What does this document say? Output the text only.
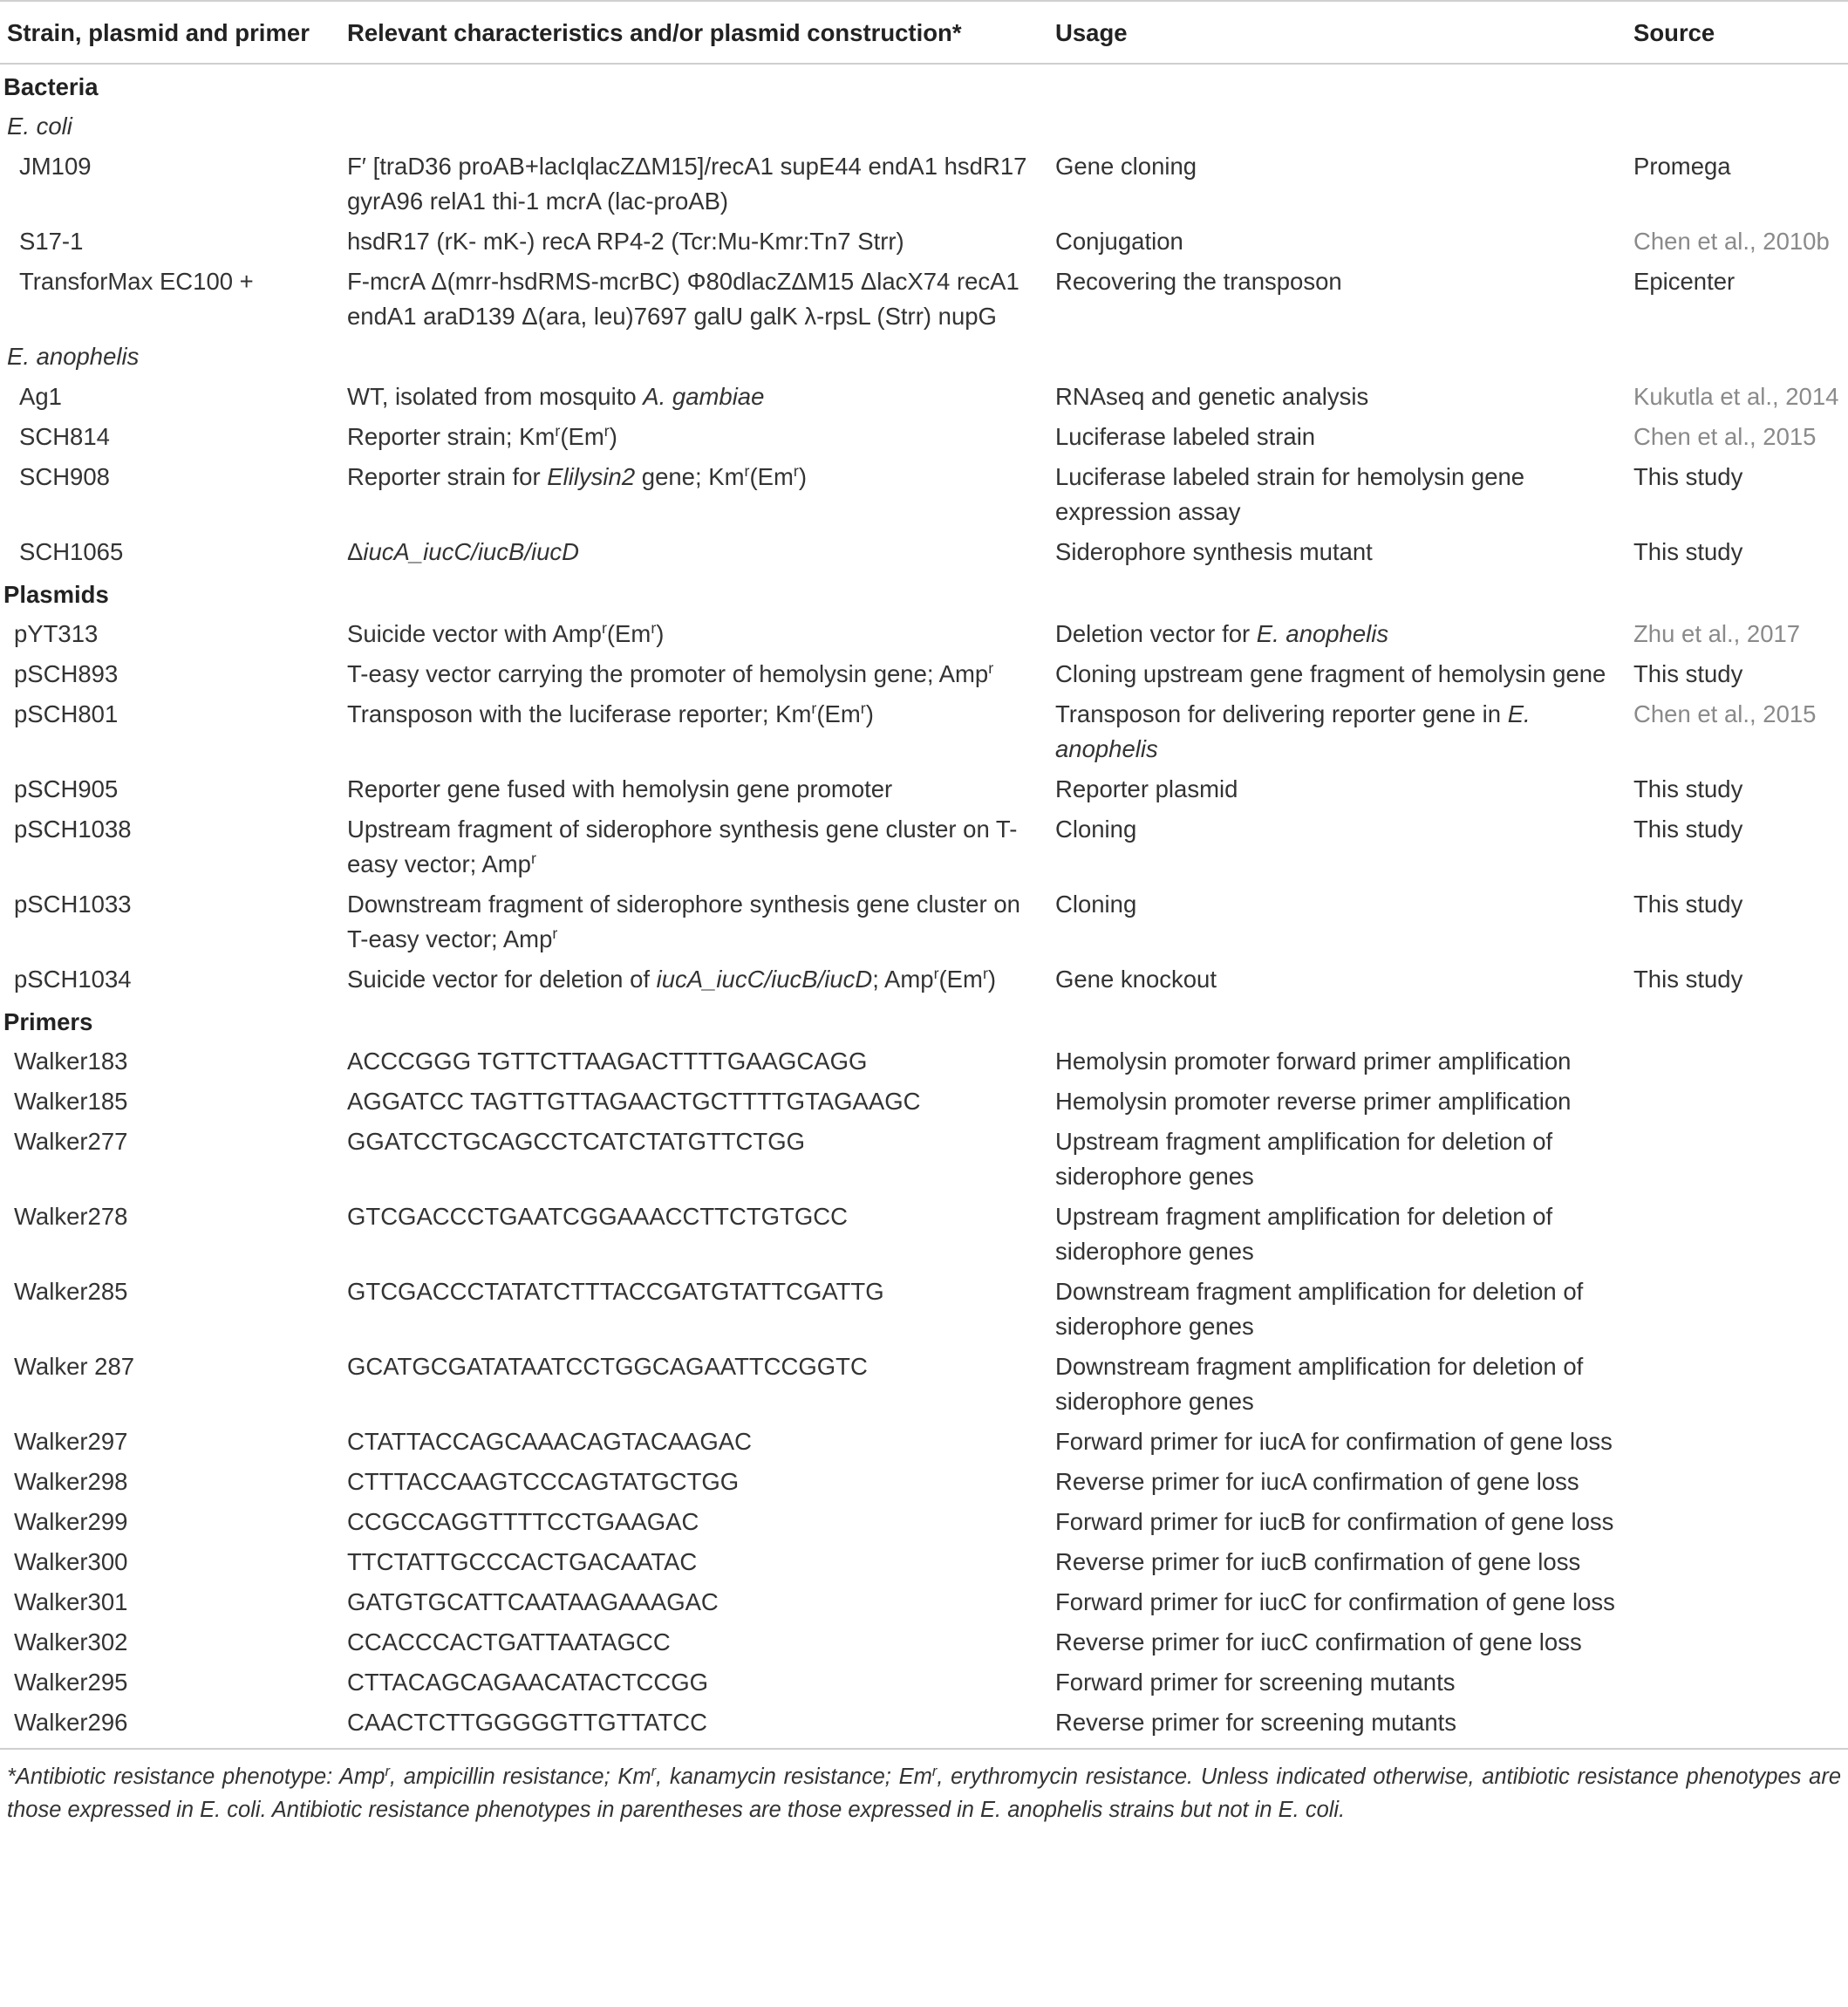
Strain, plasmid and primer	Relevant characteristics and/or plasmid construction*	Usage	Source
Bacteria			
E. coli			
JM109	F′ [traD36 proAB+lacIqlacZΔM15]/recA1 supE44 endA1 hsdR17 gyrA96 relA1 thi-1 mcrA (lac-proAB)	Gene cloning	Promega
S17-1	hsdR17 (rK- mK-) recA RP4-2 (Tcr:Mu-Kmr:Tn7 Strr)	Conjugation	Chen et al., 2010b
TransforMax EC100 +	F-mcrA Δ(mrr-hsdRMS-mcrBC) Φ80dlacZΔM15 ΔlacX74 recA1 endA1 araD139 Δ(ara, leu)7697 galU galK λ-rpsL (Strr) nupG	Recovering the transposon	Epicenter
E. anophelis			
Ag1	WT, isolated from mosquito A. gambiae	RNAseq and genetic analysis	Kukutla et al., 2014
SCH814	Reporter strain; Km$^r$(Em$^r$)	Luciferase labeled strain	Chen et al., 2015
SCH908	Reporter strain for Elilysin2 gene; Km$^r$(Em$^r$)	Luciferase labeled strain for hemolysin gene expression assay	This study
SCH1065	ΔiucA_iucC/iucB/iucD	Siderophore synthesis mutant	This study
Plasmids			
pYT313	Suicide vector with Amp$^r$(Em$^r$)	Deletion vector for E. anophelis	Zhu et al., 2017
pSCH893	T-easy vector carrying the promoter of hemolysin gene; Amp$^r$	Cloning upstream gene fragment of hemolysin gene	This study
pSCH801	Transposon with the luciferase reporter; Km$^r$(Em$^r$)	Transposon for delivering reporter gene in E. anophelis	Chen et al., 2015
pSCH905	Reporter gene fused with hemolysin gene promoter	Reporter plasmid	This study
pSCH1038	Upstream fragment of siderophore synthesis gene cluster on T-easy vector; Amp$^r$	Cloning	This study
pSCH1033	Downstream fragment of siderophore synthesis gene cluster on T-easy vector; Amp$^r$	Cloning	This study
pSCH1034	Suicide vector for deletion of iucA_iucC/iucB/iucD; Amp$^r$(Em$^r$)	Gene knockout	This study
Primers			
Walker183	ACCCGGG TGTTCTTAAGACTTTTGAAGCAGG	Hemolysin promoter forward primer amplification	
Walker185	AGGATCC TAGTTGTTAGAACTGCTTTTGTAGAAGC	Hemolysin promoter reverse primer amplification	
Walker277	GGATCCTGCAGCCTCATCTATGTTCTGG	Upstream fragment amplification for deletion of siderophore genes	
Walker278	GTCGACCCTGAATCGGAAACCTTCTGTGCC	Upstream fragment amplification for deletion of siderophore genes	
Walker285	GTCGACCCTATATCTTTACCGATGTATTCGATTG	Downstream fragment amplification for deletion of siderophore genes	
Walker 287	GCATGCGATATAATCCTGGCAGAATTCCGGTC	Downstream fragment amplification for deletion of siderophore genes	
Walker297	CTATTACCAGCAAACAGTACAAGAC	Forward primer for iucA for confirmation of gene loss	
Walker298	CTTTACCAAGTCCCAGTATGCTGG	Reverse primer for iucA confirmation of gene loss	
Walker299	CCGCCAGGTTTTCCTGAAGAC	Forward primer for iucB for confirmation of gene loss	
Walker300	TTCTATTGCCCACTGACAATAC	Reverse primer for iucB confirmation of gene loss	
Walker301	GATGTGCATTCAATAAGAAAGAC	Forward primer for iucC for confirmation of gene loss	
Walker302	CCACCCACTGATTAATAGCC	Reverse primer for iucC confirmation of gene loss	
Walker295	CTTACAGCAGAACATACTCCGG	Forward primer for screening mutants	
Walker296	CAACTCTTGGGGGTTGTTATCC	Reverse primer for screening mutants	
*Antibiotic resistance phenotype: Amp$^r$, ampicillin resistance; Km$^r$, kanamycin resistance; Em$^r$, erythromycin resistance. Unless indicated otherwise, antibiotic resistance phenotypes are those expressed in E. coli. Antibiotic resistance phenotypes in parentheses are those expressed in E. anophelis strains but not in E. coli.
